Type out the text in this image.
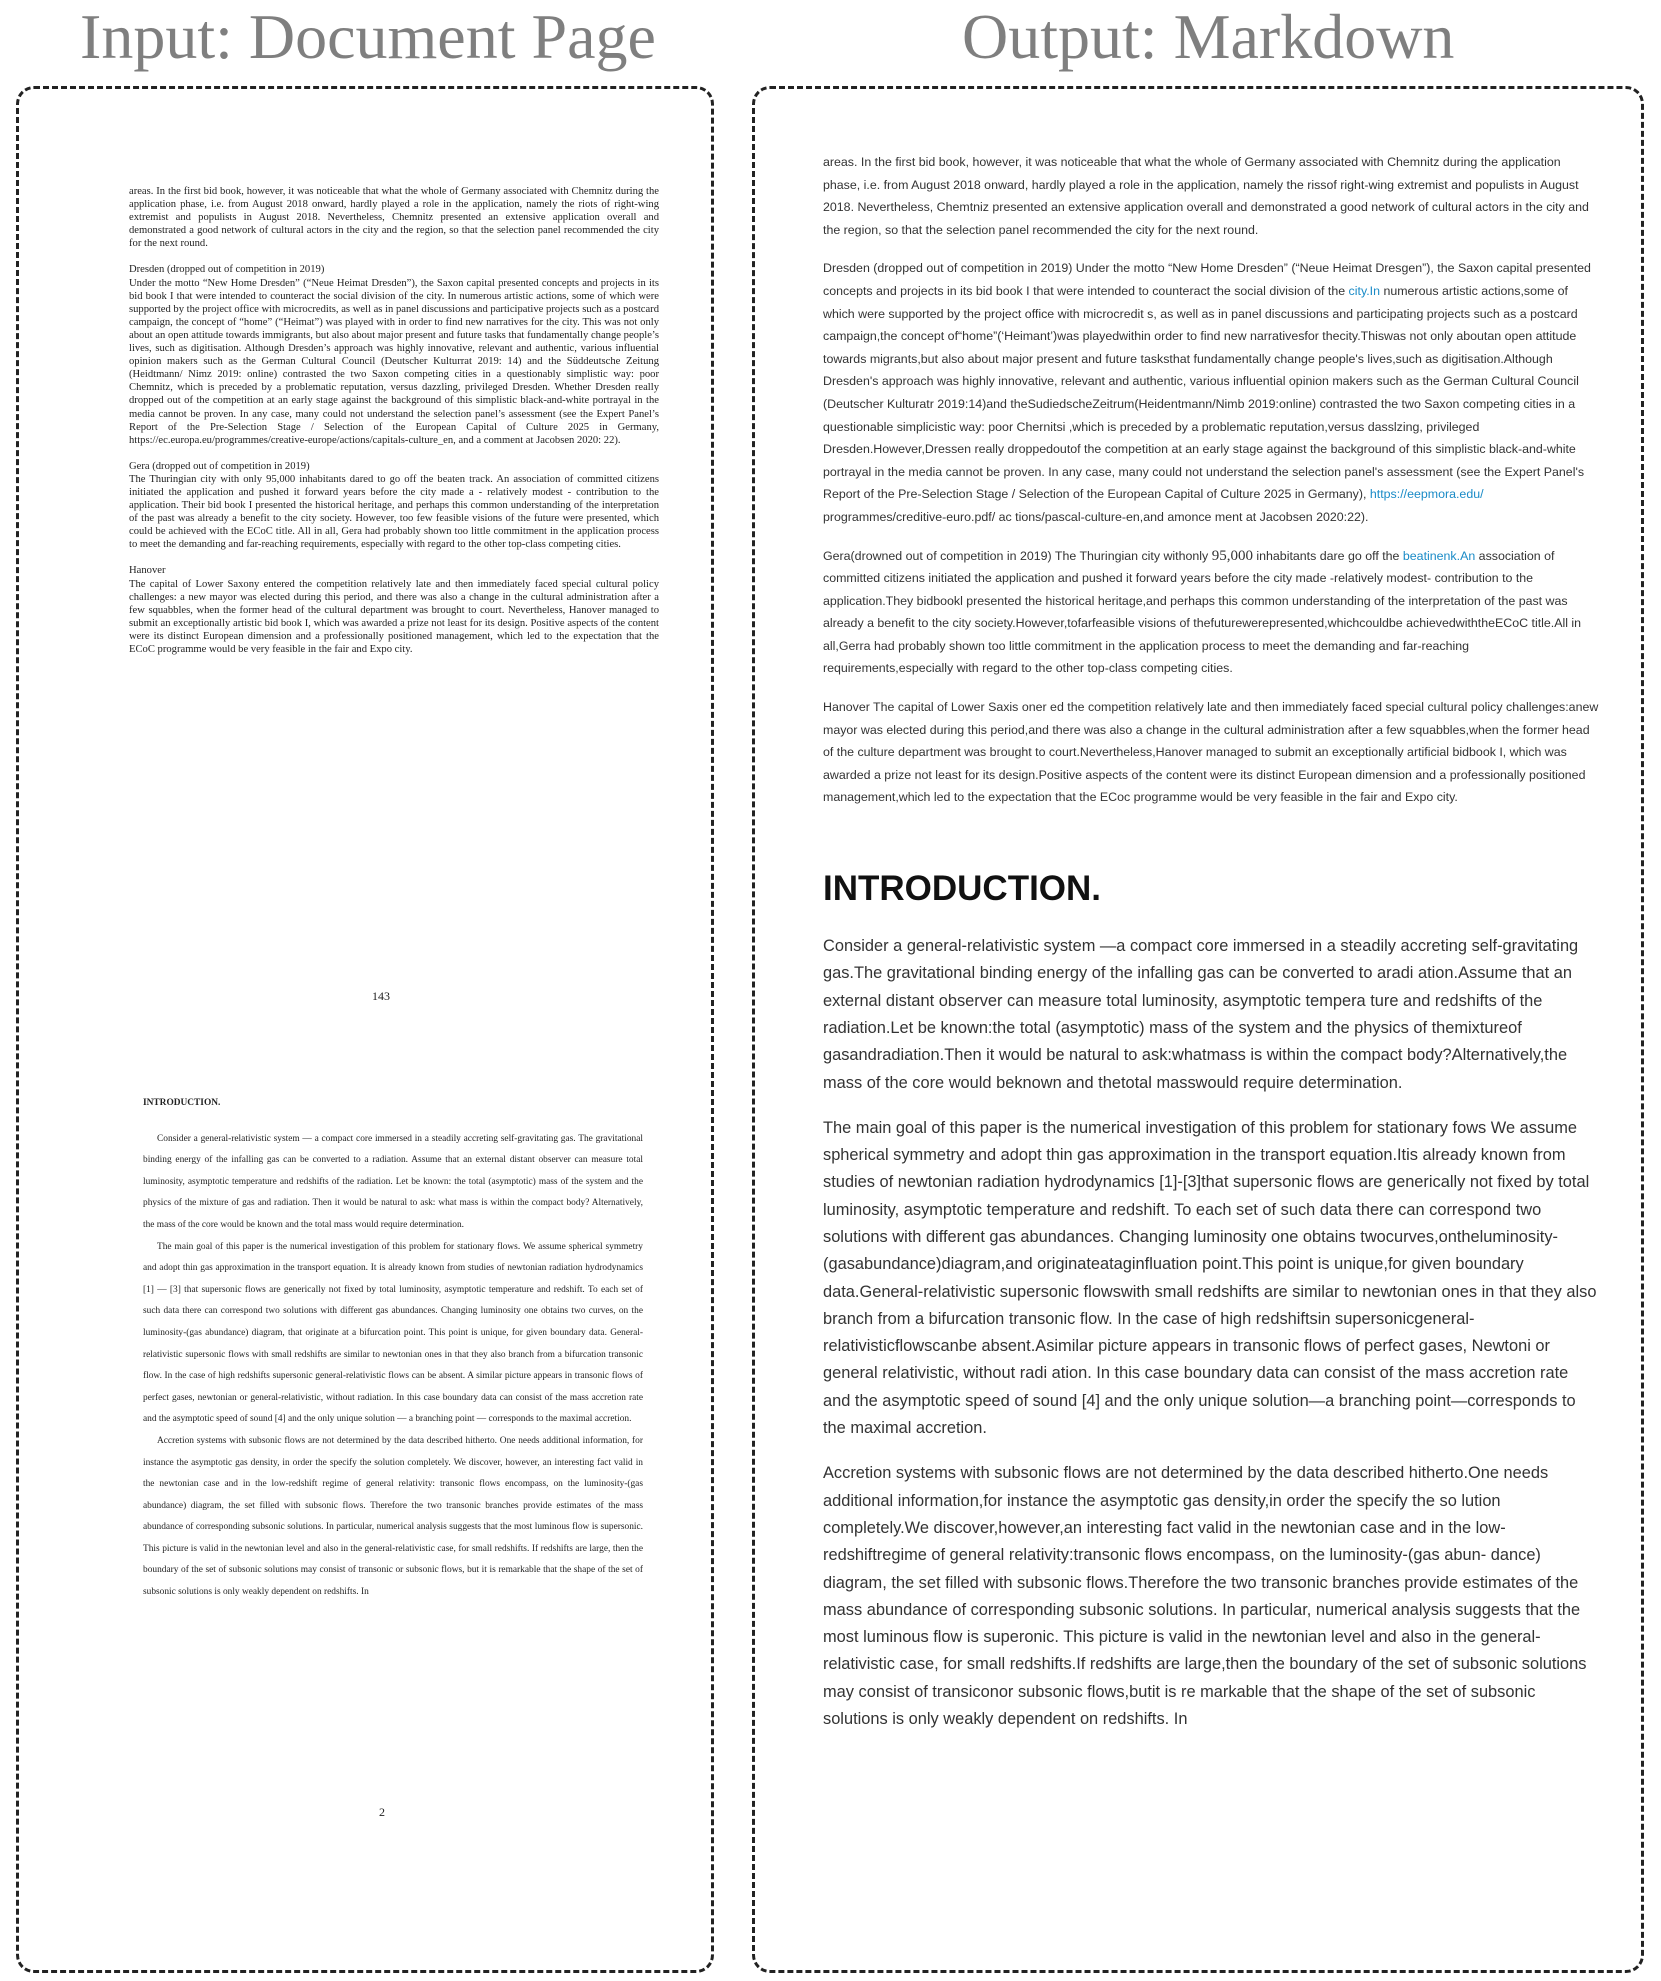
Input: Document Page	Output: Markdown

areas. In the first bid book, however, it was noticeable that what the whole of Germany associated with Chemnitz during the application phase, i.e. from August 2018 onward, hardly played a role in the application, namely the riots of right-wing extremist and populists in August 2018. Nevertheless, Chemnitz presented an extensive application overall and demonstrated a good network of cultural actors in the city and the region, so that the selection panel recommended the city for the next round.

Dresden (dropped out of competition in 2019)
Under the motto “New Home Dresden” (“Neue Heimat Dresden”), the Saxon capital presented concepts and projects in its bid book I that were intended to counteract the social division of the city. In numerous artistic actions, some of which were supported by the project office with microcredits, as well as in panel discussions and participative projects such as a postcard campaign, the concept of “home” (“Heimat”) was played with in order to find new narratives for the city. This was not only about an open attitude towards immigrants, but also about major present and future tasks that fundamentally change people’s lives, such as digitisation. Although Dresden’s approach was highly innovative, relevant and authentic, various influential opinion makers such as the German Cultural Council (Deutscher Kulturrat 2019: 14) and the Süddeutsche Zeitung (Heidtmann/ Nimz 2019: online) contrasted the two Saxon competing cities in a questionably simplistic way: poor Chemnitz, which is preceded by a problematic reputation, versus dazzling, privileged Dresden. Whether Dresden really dropped out of the competition at an early stage against the background of this simplistic black-and-white portrayal in the media cannot be proven. In any case, many could not understand the selection panel’s assessment (see the Expert Panel’s Report of the Pre-Selection Stage / Selection of the European Capital of Culture 2025 in Germany, https://ec.europa.eu/programmes/creative-europe/actions/capitals-culture_en, and a comment at Jacobsen 2020: 22).

Gera (dropped out of competition in 2019)
The Thuringian city with only 95,000 inhabitants dared to go off the beaten track. An association of committed citizens initiated the application and pushed it forward years before the city made a - relatively modest - contribution to the application. Their bid book I presented the historical heritage, and perhaps this common understanding of the interpretation of the past was already a benefit to the city society. However, too few feasible visions of the future were presented, which could be achieved with the ECoC title. All in all, Gera had probably shown too little commitment in the application process to meet the demanding and far-reaching requirements, especially with regard to the other top-class competing cities.

Hanover
The capital of Lower Saxony entered the competition relatively late and then immediately faced special cultural policy challenges: a new mayor was elected during this period, and there was also a change in the cultural administration after a few squabbles, when the former head of the cultural department was brought to court. Nevertheless, Hanover managed to submit an exceptionally artistic bid book I, which was awarded a prize not least for its design. Positive aspects of the content were its distinct European dimension and a professionally positioned management, which led to the expectation that the ECoC programme would be very feasible in the fair and Expo city.

143
INTRODUCTION.

Consider a general-relativistic system — a compact core immersed in a steadily accreting self-gravitating gas. The gravitational binding energy of the infalling gas can be converted to a radiation. Assume that an external distant observer can measure total luminosity, asymptotic temperature and redshifts of the radiation. Let be known: the total (asymptotic) mass of the system and the physics of the mixture of gas and radiation. Then it would be natural to ask: what mass is within the compact body? Alternatively, the mass of the core would be known and the total mass would require determination.

The main goal of this paper is the numerical investigation of this problem for stationary flows. We assume spherical symmetry and adopt thin gas approximation in the transport equation. It is already known from studies of newtonian radiation hydrodynamics [1] — [3] that supersonic flows are generically not fixed by total luminosity, asymptotic temperature and redshift. To each set of such data there can correspond two solutions with different gas abundances. Changing luminosity one obtains two curves, on the luminosity-(gas abundance) diagram, that originate at a bifurcation point. This point is unique, for given boundary data. General-relativistic supersonic flows with small redshifts are similar to newtonian ones in that they also branch from a bifurcation transonic flow. In the case of high redshifts supersonic general-relativistic flows can be absent. A similar picture appears in transonic flows of perfect gases, newtonian or general-relativistic, without radiation. In this case boundary data can consist of the mass accretion rate and the asymptotic speed of sound [4] and the only unique solution — a branching point — corresponds to the maximal accretion.

Accretion systems with subsonic flows are not determined by the data described hitherto. One needs additional information, for instance the asymptotic gas density, in order the specify the solution completely. We discover, however, an interesting fact valid in the newtonian case and in the low-redshift regime of general relativity: transonic flows encompass, on the luminosity-(gas abundance) diagram, the set filled with subsonic flows. Therefore the two transonic branches provide estimates of the mass abundance of corresponding subsonic solutions. In particular, numerical analysis suggests that the most luminous flow is supersonic. This picture is valid in the newtonian level and also in the general-relativistic case, for small redshifts. If redshifts are large, then the boundary of the set of subsonic solutions may consist of transonic or subsonic flows, but it is remarkable that the shape of the set of subsonic solutions is only weakly dependent on redshifts. In

2

areas. In the first bid book, however, it was noticeable that what the whole of Germany associated with Chemnitz during the application phase, i.e. from August 2018 onward, hardly played a role in the application, namely the rissof right-wing extremist and populists in August 2018. Nevertheless, Chemtniz presented an extensive application overall and demonstrated a good network of cultural actors in the city and the region, so that the selection panel recommended the city for the next round.

Dresden (dropped out of competition in 2019) Under the motto “New Home Dresden” (“Neue Heimat Dresgen”), the Saxon capital presented concepts and projects in its bid book I that were intended to counteract the social division of the city.In numerous artistic actions,some of which were supported by the project office with microcredit s, as well as in panel discussions and participating projects such as a postcard campaign,the concept of“home”(‘Heimant’)was playedwithin order to find new narrativesfor thecity.Thiswas not only aboutan open attitude towards migrants,but also about major present and future tasksthat fundamentally change people's lives,such as digitisation.Although Dresden's approach was highly innovative, relevant and authentic, various influential opinion makers such as the German Cultural Council (Deutscher Kulturatr 2019:14)and theSudiedscheZeitrum(Heidentmann/Nimb 2019:online) contrasted the two Saxon competing cities in a questionable simplicistic way: poor Chernitsi ,which is preceded by a problematic reputation,versus dasslzing, privileged Dresden.However,Dressen really droppedoutof the competition at an early stage against the background of this simplistic black-and-white portrayal in the media cannot be proven. In any case, many could not understand the selection panel's assessment (see the Expert Panel's Report of the Pre-Selection Stage / Selection of the European Capital of Culture 2025 in Germany), https://eepmora.edu/ programmes/creditive-euro.pdf/ ac tions/pascal-culture-en,and amonce ment at Jacobsen 2020:22).

Gera(drowned out of competition in 2019) The Thuringian city withonly 95,000 inhabitants dare go off the beatinenk.An association of committed citizens initiated the application and pushed it forward years before the city made -relatively modest- contribution to the application.They bidbookl presented the historical heritage,and perhaps this common understanding of the interpretation of the past was already a benefit to the city society.However,tofarfeasible visions of thefuturewerepresented,whichcouldbe achievedwiththeECoC title.All in all,Gerra had probably shown too little commitment in the application process to meet the demanding and far-reaching requirements,especially with regard to the other top-class competing cities.

Hanover The capital of Lower Saxis oner ed the competition relatively late and then immediately faced special cultural policy challenges:anew mayor was elected during this period,and there was also a change in the cultural administration after a few squabbles,when the former head of the culture department was brought to court.Nevertheless,Hanover managed to submit an exceptionally artificial bidbook I, which was awarded a prize not least for its design.Positive aspects of the content were its distinct European dimension and a professionally positioned management,which led to the expectation that the ECoc programme would be very feasible in the fair and Expo city.

INTRODUCTION.

Consider a general-relativistic system —a compact core immersed in a steadily accreting self-gravitating gas.The gravitational binding energy of the infalling gas can be converted to aradi ation.Assume that an external distant observer can measure total luminosity, asymptotic tempera ture and redshifts of the radiation.Let be known:the total (asymptotic) mass of the system and the physics of themixtureof gasandradiation.Then it would be natural to ask:whatmass is within the compact body?Alternatively,the mass of the core would beknown and thetotal masswould require determination.

The main goal of this paper is the numerical investigation of this problem for stationary fows We assume spherical symmetry and adopt thin gas approximation in the transport equation.Itis already known from studies of newtonian radiation hydrodynamics [1]-[3]that supersonic flows are generically not fixed by total luminosity, asymptotic temperature and redshift. To each set of such data there can correspond two solutions with different gas abundances. Changing luminosity one obtains twocurves,ontheluminosity-(gasabundance)diagram,and originateataginfluation point.This point is unique,for given boundary data.General-relativistic supersonic flowswith small redshifts are similar to newtonian ones in that they also branch from a bifurcation transonic flow. In the case of high redshiftsin supersonicgeneral-relativisticflowscanbe absent.Asimilar picture appears in transonic flows of perfect gases, Newtoni or general relativistic, without radi ation. In this case boundary data can consist of the mass accretion rate and the asymptotic speed of sound [4] and the only unique solution—a branching point—corresponds to the maximal accretion.

Accretion systems with subsonic flows are not determined by the data described hitherto.One needs additional information,for instance the asymptotic gas density,in order the specify the so lution completely.We discover,however,an interesting fact valid in the newtonian case and in the low-redshiftregime of general relativity:transonic flows encompass, on the luminosity-(gas abun- dance) diagram, the set filled with subsonic flows.Therefore the two transonic branches provide estimates of the mass abundance of corresponding subsonic solutions. In particular, numerical analysis suggests that the most luminous flow is superonic. This picture is valid in the newtonian level and also in the general-relativistic case, for small redshifts.If redshifts are large,then the boundary of the set of subsonic solutions may consist of transiconor subsonic flows,butit is re markable that the shape of the set of subsonic solutions is only weakly dependent on redshifts. In
